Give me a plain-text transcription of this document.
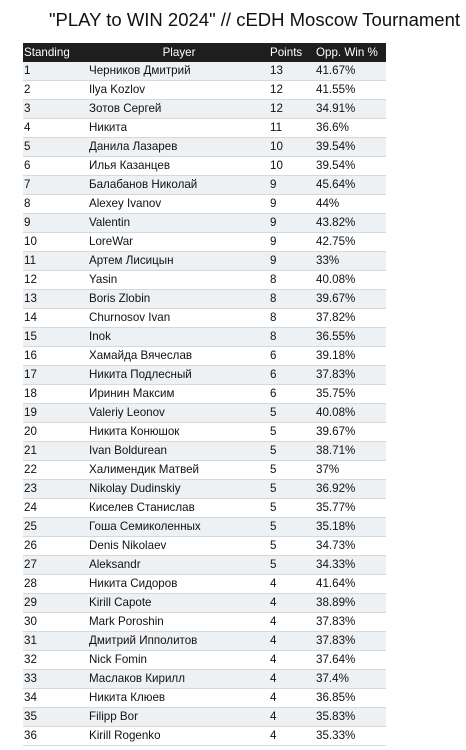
"PLAY to WIN 2024" // cEDH Moscow Tournament
Standing	Player	Points	Opp. Win %
1	Черников Дмитрий	13	41.67%
2	Ilya Kozlov	12	41.55%
3	Зотов Сергей	12	34.91%
4	Никита	11	36.6%
5	Данила Лазарев	10	39.54%
6	Илья Казанцев	10	39.54%
7	Балабанов Николай	9	45.64%
8	Alexey Ivanov	9	44%
9	Valentin	9	43.82%
10	LoreWar	9	42.75%
11	Артем Лисицын	9	33%
12	Yasin	8	40.08%
13	Boris Zlobin	8	39.67%
14	Churnosov Ivan	8	37.82%
15	Inok	8	36.55%
16	Хамайда Вячеслав	6	39.18%
17	Никита Подлесный	6	37.83%
18	Иринин Максим	6	35.75%
19	Valeriy Leonov	5	40.08%
20	Никита Конюшок	5	39.67%
21	Ivan Boldurean	5	38.71%
22	Халимендик Матвей	5	37%
23	Nikolay Dudinskiy	5	36.92%
24	Киселев Станислав	5	35.77%
25	Гоша Семиколенных	5	35.18%
26	Denis Nikolaev	5	34.73%
27	Aleksandr	5	34.33%
28	Никита Сидоров	4	41.64%
29	Kirill Capote	4	38.89%
30	Mark Poroshin	4	37.83%
31	Дмитрий Ипполитов	4	37.83%
32	Nick Fomin	4	37.64%
33	Маслаков Кирилл	4	37.4%
34	Никита Клюев	4	36.85%
35	Filipp Bor	4	35.83%
36	Kirill Rogenko	4	35.33%
